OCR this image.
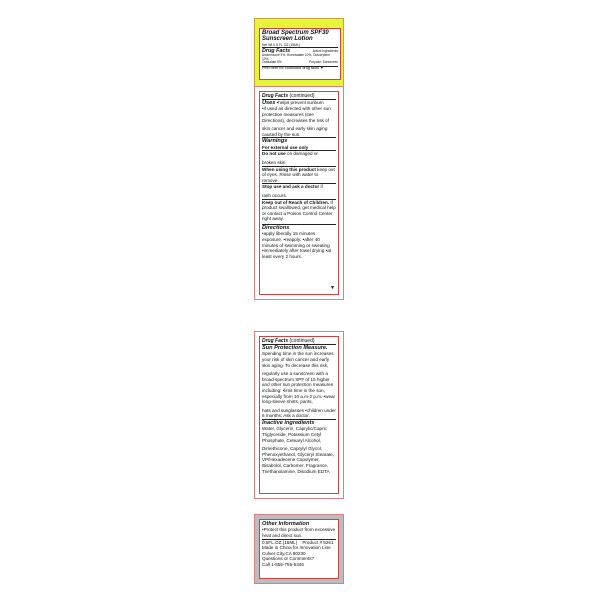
Broad Spectrum SPF30
Sunscreen Lotion
Net Wt 0.5 FL OZ (15ML)
Drug Facts	Active Ingredients
Avobenzone 3%, Homosalate 10%, Octocrylene 10%,
Octisalate 5%	Purpose: Sunscreen
Peel here for continued drug facts ▼
Drug Facts (continued)
Uses •helps prevent sunburn

•if used as directed with other sun protection measures (see Directions), decreases the risk of

skin cancer and early skin aging caused by the sun.

Warnings

For external use only

Do not use on damaged or

broken skin

When using this product keep out of eyes. Rinse with water to remove.

Stop use and ask a doctor if

rash occurs.

Keep out of Reach of Children. If product swallowed, get medical help or contact a Poison Control Center right away.

Directions

•apply liberally 15 minutes exposure. •reapply: •after 40 minutes of swimming or sweating •immediately after towel drying •at least every 2 hours.

▼
Drug Facts (continued)
Sun Protection Measure.

Spending time in the sun increases your risk of skin cancer and early skin aging. To decrease this risk,

regularly use a sunscreen with a broad spectrum SPF of 15 higher and other sun protection measures including: •limit time in the sun, especially from 10 a.m-2 p.m. •wear long-sleeve shirts, pants,

hats and sunglasses •children under 6 months: Ask a doctor.

Inactive ingredients

Water, Glycerin, Caprylic/Capric Triglyceride, Potassium Cetyl Phosphate, Cetearyl Alcohol,

Dimethicone, Caprylyl Glycol, Phenoxyethanol, Glyceryl Stearate, VP/Hexadecene Copolymer, Bisabolol, Carbomer, Fragrance, Triethanolamine, Disodium EDTA

Other Information

•Protect this product from excessive heat and direct sun.

0.5FL.OZ.(15ML)    Product # 5261

Made in China for Innovation Line

Culver City,CA 90230

Questions or Comments?

Call 1-855-755-5346
